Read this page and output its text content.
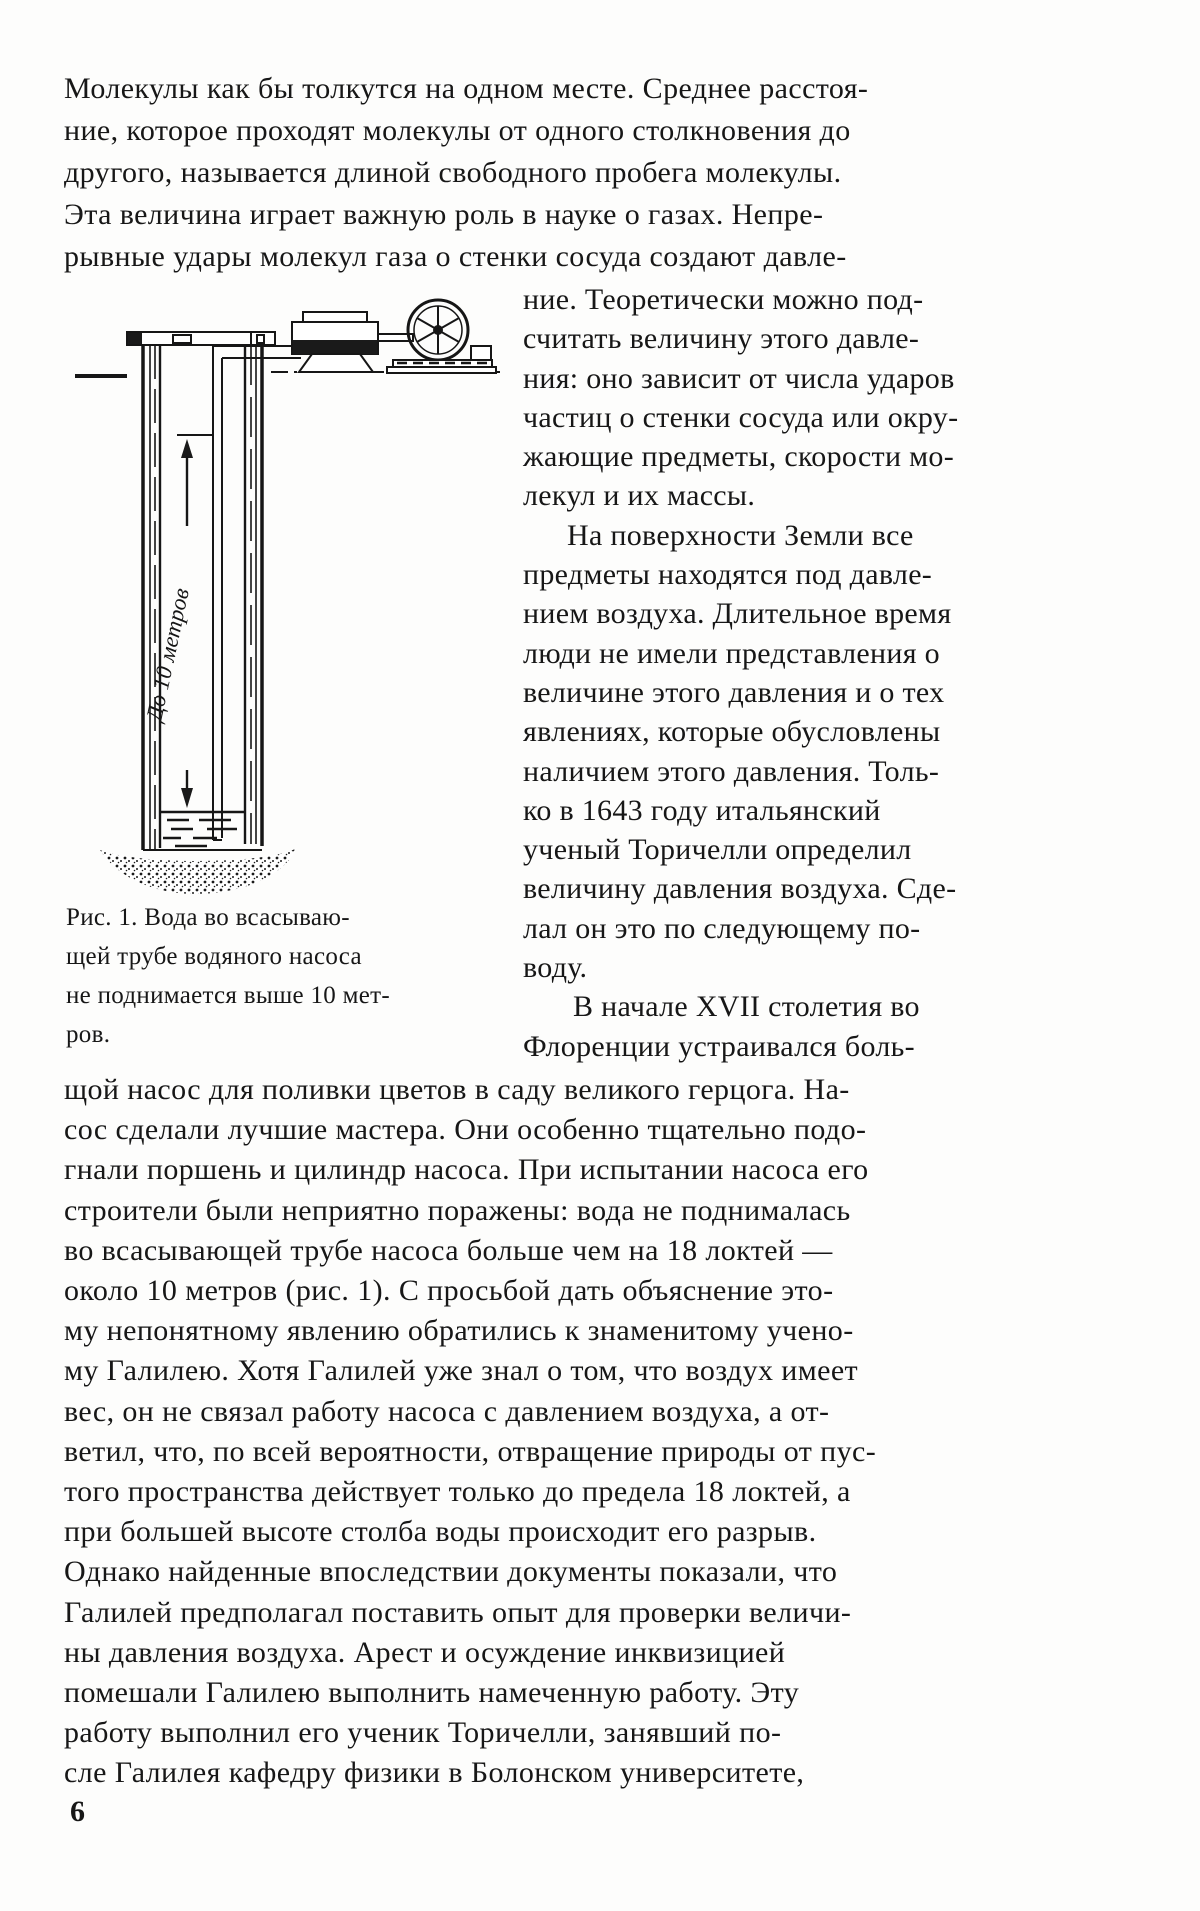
Молекулы как бы толкутся на одном месте. Среднее расстоя-
ние, которое проходят молекулы от одного столкновения до
другого, называется длиной свободного пробега молекулы.
Эта величина играет важную роль в науке о газах. Непре-
рывные удары молекул газа о стенки сосуда создают давле-
До 10 метров
ние. Теоретически можно под-
считать величину этого давле-
ния: оно зависит от числа ударов
частиц о стенки сосуда или окру-
жающие предметы, скорости мо-
лекул и их массы.
На поверхности Земли все
предметы находятся под давле-
нием воздуха. Длительное время
люди не имели представления о
величине этого давления и о тех
явлениях, которые обусловлены
наличием этого давления. Толь-
ко в 1643 году итальянский
ученый Торичелли определил
величину давления воздуха. Сде-
лал он это по следующему по-
воду.
В начале XVII столетия во
Флоренции устраивался боль-
Рис. 1. Вода во всасываю-
щей трубе водяного насоса
не поднимается выше 10 мет-
ров.
щой насос для поливки цветов в саду великого герцога. На-
сос сделали лучшие мастера. Они особенно тщательно подо-
гнали поршень и цилиндр насоса. При испытании насоса его
строители были неприятно поражены: вода не поднималась
во всасывающей трубе насоса больше чем на 18 локтей —
около 10 метров (рис. 1). С просьбой дать объяснение это-
му непонятному явлению обратились к знаменитому учено-
му Галилею. Хотя Галилей уже знал о том, что воздух имеет
вес, он не связал работу насоса с давлением воздуха, а от-
ветил, что, по всей вероятности, отвращение природы от пус-
того пространства действует только до предела 18 локтей, а
при большей высоте столба воды происходит его разрыв.
Однако найденные впоследствии документы показали, что
Галилей предполагал поставить опыт для проверки величи-
ны давления воздуха. Арест и осуждение инквизицией
помешали Галилею выполнить намеченную работу. Эту
работу выполнил его ученик Торичелли, занявший по-
сле Галилея кафедру физики в Болонском университете,
6
